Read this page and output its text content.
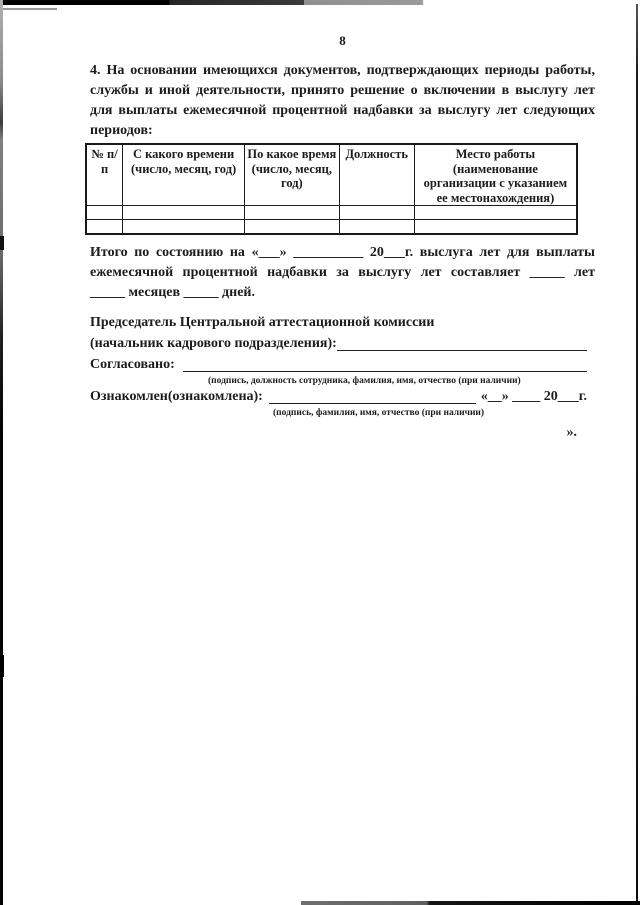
8
4. На основании имеющихся документов, подтверждающих периоды работы,
службы и иной деятельности, принято решение о включении в выслугу лет
для выплаты ежемесячной процентной надбавки за выслугу лет следующих
периодов:
№ п/п	С какого времени (число, месяц, год)	По какое время (число, месяц, год)	Должность	Место работы (наименование организации с указанием ее местонахождения)

Итого по состоянию на «___» __________ 20___г. выслуга лет для выплаты
ежемесячной процентной надбавки за выслугу лет составляет _____ лет
_____ месяцев _____ дней.
Председатель Центральной аттестационной комиссии
(начальник кадрового подразделения):
Согласовано:
(подпись, должность сотрудника, фамилия, имя, отчество (при наличии)
Ознакомлен(ознакомлена):	«__» ____ 20___г.
(подпись, фамилия, имя, отчество (при наличии)
».
